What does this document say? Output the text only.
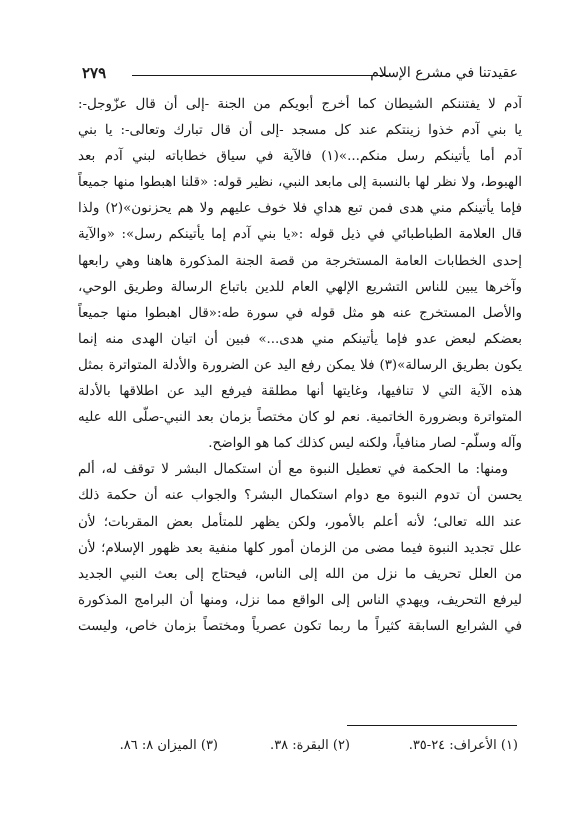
عقيدتنا في مشرع الإسلام
٢٧٩
آدم لا يفتننكم الشيطان كما أخرج أبويكم من الجنة -إلى أن قال عزّوجل-:
يا بني آدم خذوا زينتكم عند كل مسجد -إلى أن قال تبارك وتعالى-: يا بني
آدم أما يأتينكم رسل منكم...»(١) فالآية في سياق خطاباته لبني آدم بعد
الهبوط، ولا نظر لها بالنسبة إلى مابعد النبي، نظير قوله: «قلنا اهبطوا منها جميعاً
فإما يأتينكم مني هدى فمن تبع هداي فلا خوف عليهم ولا هم يحزنون»(٢) ولذا
قال العلامة الطباطبائي في ذيل قوله :«يا بني آدم إما يأتينكم رسل»: «والآية
إحدى الخطابات العامة المستخرجة من قصة الجنة المذكورة هاهنا وهي رابعها
وآخرها يبين للناس التشريع الإلهي العام للدين باتباع الرسالة وطريق الوحي،
والأصل المستخرج عنه هو مثل قوله في سورة طه:«قال اهبطوا منها جميعاً
بعضكم لبعض عدو فإما يأتينكم مني هدى...» فبين أن اتيان الهدى منه إنما
يكون بطريق الرسالة»(٣) فلا يمكن رفع اليد عن الضرورة والأدلة المتواترة بمثل
هذه الآية التي لا تنافيها، وغايتها أنها مطلقة فيرفع اليد عن اطلاقها بالأدلة
المتواترة وبضرورة الخاتمية. نعم لو كان مختصاً بزمان بعد النبي-صلّى الله عليه
وآله وسلّم- لصار منافياً، ولكنه ليس كذلك كما هو الواضح.
ومنها: ما الحكمة في تعطيل النبوة مع أن استكمال البشر لا توقف له، ألم
يحسن أن تدوم النبوة مع دوام استكمال البشر؟ والجواب عنه أن حكمة ذلك
عند الله تعالى؛ لأنه أعلم بالأمور، ولكن يظهر للمتأمل بعض المقربات؛ لأن
علل تجديد النبوة فيما مضى من الزمان أمور كلها منفية بعد ظهور الإسلام؛ لأن
من العلل تحريف ما نزل من الله إلى الناس، فيحتاج إلى بعث النبي الجديد
ليرفع التحريف، ويهدي الناس إلى الواقع مما نزل، ومنها أن البرامج المذكورة
في الشرايع السابقة كثيراً ما ربما تكون عصرياً ومختصاً بزمان خاص، وليست
(١) الأعراف: ٢٤-٣٥.
(٢) البقرة: ٣٨.
(٣) الميزان ٨: ٨٦.
